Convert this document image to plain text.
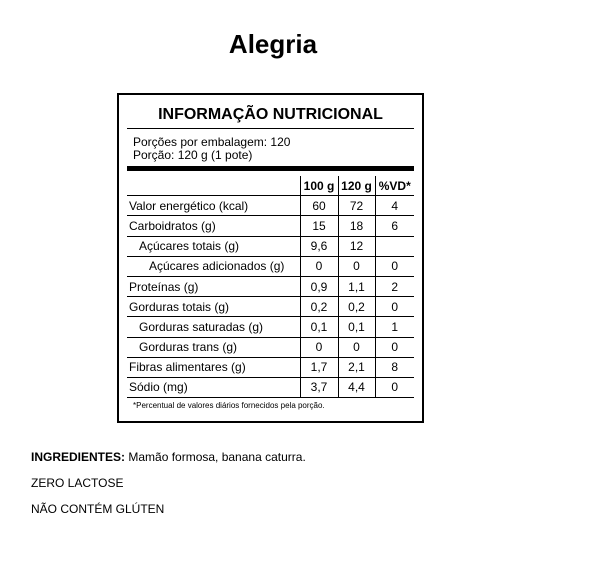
Alegria
INFORMAÇÃO NUTRICIONAL
Porções por embalagem: 120
Porção: 120 g (1 pote)
	100 g	120 g	%VD*
Valor energético (kcal)	60	72	4
Carboidratos (g)	15	18	6
Açúcares totais (g)	9,6	12	
Açúcares adicionados (g)	0	0	0
Proteínas (g)	0,9	1,1	2
Gorduras totais (g)	0,2	0,2	0
Gorduras saturadas (g)	0,1	0,1	1
Gorduras trans (g)	0	0	0
Fibras alimentares (g)	1,7	2,1	8
Sódio (mg)	3,7	4,4	0
*Percentual de valores diários fornecidos pela porção.
INGREDIENTES: Mamão formosa, banana caturra.
ZERO LACTOSE
NÃO CONTÉM GLÚTEN
